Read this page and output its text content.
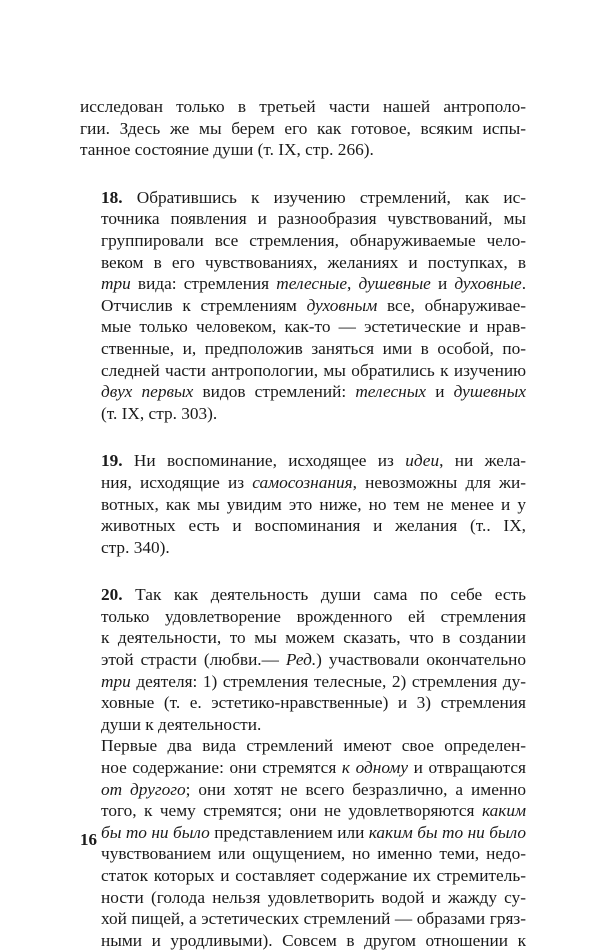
исследован только в третьей части нашей антрополо-
гии. Здесь же мы берем его как готовое, всяким испы-
танное состояние души (т. IX, стр. 266).

18. Обратившись к изучению стремлений, как ис-
точника появления и разнообразия чувствований, мы
группировали все стремления, обнаруживаемые чело-
веком в его чувствованиях, желаниях и поступках, в
три вида: стремления телесные, душевные и духовные.
Отчислив к стремлениям духовным все, обнаруживае-
мые только человеком, как-то — эстетические и нрав-
ственные, и, предположив заняться ими в особой, по-
следней части антропологии, мы обратились к изучению
двух первых видов стремлений: телесных и душевных
(т. IX, стр. 303).

19. Ни воспоминание, исходящее из идеи, ни жела-
ния, исходящие из самосознания, невозможны для жи-
вотных, как мы увидим это ниже, но тем не менее и у
животных есть и воспоминания и желания (т.. IX,
стр. 340).

20. Так как деятельность души сама по себе есть
только удовлетворение врожденного ей стремления
к деятельности, то мы можем сказать, что в создании
этой страсти (любви.— Ред.) участвовали окончательно
три деятеля: 1) стремления телесные, 2) стремления ду-
ховные (т. е. эстетико-нравственные) и 3) стремления
души к деятельности.

Первые два вида стремлений имеют свое определен-
ное содержание: они стремятся к одному и отвращаются
от другого; они хотят не всего безразлично, а именно
того, к чему стремятся; они не удовлетворяются каким
бы то ни было представлением или каким бы то ни было
чувствованием или ощущением, но именно теми, недо-
статок которых и составляет содержание их стремитель-
ности (голода нельзя удовлетворить водой и жажду су-
хой пищей, а эстетических стремлений — образами гряз-
ными и уродливыми). Совсем в другом отношении к

16
